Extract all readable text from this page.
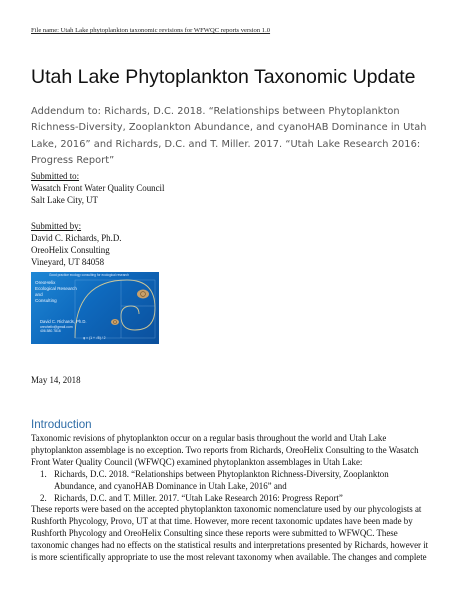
File name: Utah Lake phytoplankton taxonomic revisions for WFWQC reports version 1.0
Utah Lake Phytoplankton Taxonomic Update
Addendum to: Richards, D.C. 2018. “Relationships between Phytoplankton
Richness-Diversity, Zooplankton Abundance, and cyanoHAB Dominance in Utah
Lake, 2016” and Richards, D.C. and T. Miller. 2017. “Utah Lake Research 2016:
Progress Report”
Submitted to:
Wasatch Front Water Quality Council
Salt Lake City, UT
Submitted by:
David C. Richards, Ph.D.
OreoHelix Consulting
Vineyard, UT 84058
Good practice ecology consulting for ecological research
OreoHelix
Ecological Research
and
Consulting
David C. Richards, Ph.D.
oreohelix@gmail.com
406.580.7816
φ = (1 + √5) / 2
May 14, 2018
Introduction
Taxonomic revisions of phytoplankton occur on a regular basis throughout the world and Utah Lake
phytoplankton assemblage is no exception. Two reports from Richards, OreoHelix Consulting to the Wasatch
Front Water Quality Council (WFWQC) examined phytoplankton assemblages in Utah Lake:
1. Richards, D.C. 2018. “Relationships between Phytoplankton Richness-Diversity, Zooplankton
Abundance, and cyanoHAB Dominance in Utah Lake, 2016” and
2. Richards, D.C. and T. Miller. 2017. “Utah Lake Research 2016: Progress Report”
These reports were based on the accepted phytoplankton taxonomic nomenclature used by our phycologists at
Rushforth Phycology, Provo, UT at that time. However, more recent taxonomic updates have been made by
Rushforth Phycology and OreoHelix Consulting since these reports were submitted to WFWQC. These
taxonomic changes had no effects on the statistical results and interpretations presented by Richards, however it
is more scientifically appropriate to use the most relevant taxonomy when available. The changes and complete
